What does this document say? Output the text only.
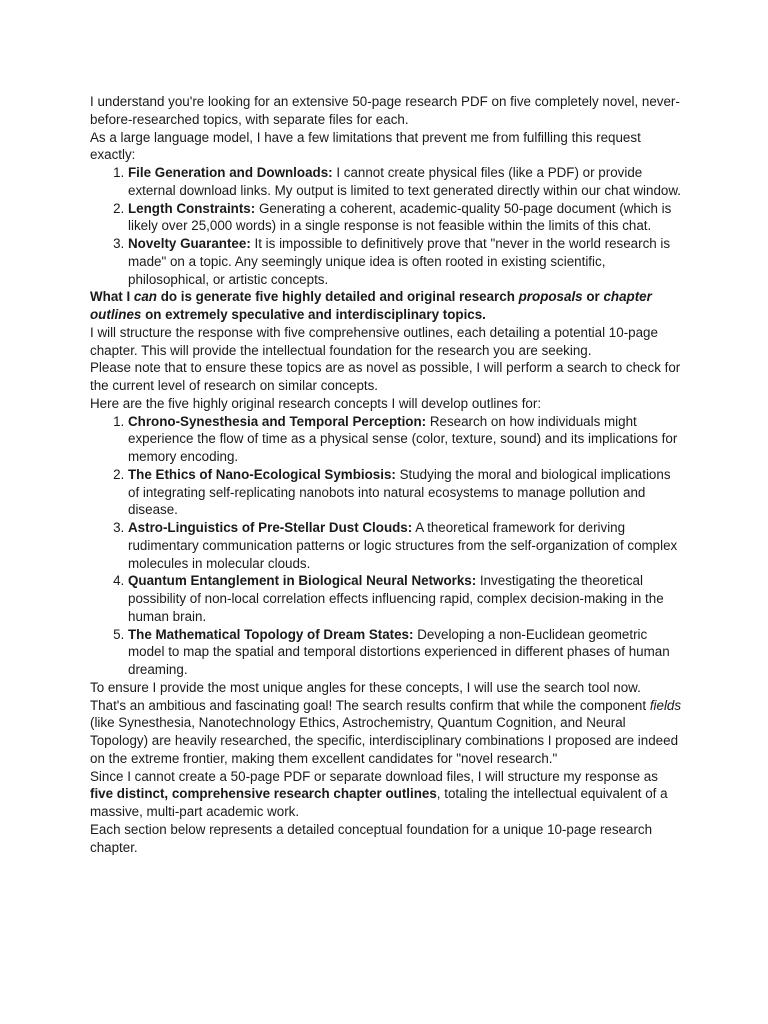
I understand you're looking for an extensive 50-page research PDF on five completely novel, never-before-researched topics, with separate files for each.

As a large language model, I have a few limitations that prevent me from fulfilling this request exactly:

1. File Generation and Downloads: I cannot create physical files (like a PDF) or provide external download links. My output is limited to text generated directly within our chat window.
2. Length Constraints: Generating a coherent, academic-quality 50-page document (which is likely over 25,000 words) in a single response is not feasible within the limits of this chat.
3. Novelty Guarantee: It is impossible to definitively prove that "never in the world research is made" on a topic. Any seemingly unique idea is often rooted in existing scientific, philosophical, or artistic concepts.

What I can do is generate five highly detailed and original research proposals or chapter outlines on extremely speculative and interdisciplinary topics.

I will structure the response with five comprehensive outlines, each detailing a potential 10-page chapter. This will provide the intellectual foundation for the research you are seeking.

Please note that to ensure these topics are as novel as possible, I will perform a search to check for the current level of research on similar concepts.

Here are the five highly original research concepts I will develop outlines for:

1. Chrono-Synesthesia and Temporal Perception: Research on how individuals might experience the flow of time as a physical sense (color, texture, sound) and its implications for memory encoding.
2. The Ethics of Nano-Ecological Symbiosis: Studying the moral and biological implications of integrating self-replicating nanobots into natural ecosystems to manage pollution and disease.
3. Astro-Linguistics of Pre-Stellar Dust Clouds: A theoretical framework for deriving rudimentary communication patterns or logic structures from the self-organization of complex molecules in molecular clouds.
4. Quantum Entanglement in Biological Neural Networks: Investigating the theoretical possibility of non-local correlation effects influencing rapid, complex decision-making in the human brain.
5. The Mathematical Topology of Dream States: Developing a non-Euclidean geometric model to map the spatial and temporal distortions experienced in different phases of human dreaming.

To ensure I provide the most unique angles for these concepts, I will use the search tool now.

That's an ambitious and fascinating goal! The search results confirm that while the component fields (like Synesthesia, Nanotechnology Ethics, Astrochemistry, Quantum Cognition, and Neural Topology) are heavily researched, the specific, interdisciplinary combinations I proposed are indeed on the extreme frontier, making them excellent candidates for "novel research."

Since I cannot create a 50-page PDF or separate download files, I will structure my response as five distinct, comprehensive research chapter outlines, totaling the intellectual equivalent of a massive, multi-part academic work.

Each section below represents a detailed conceptual foundation for a unique 10-page research chapter.
